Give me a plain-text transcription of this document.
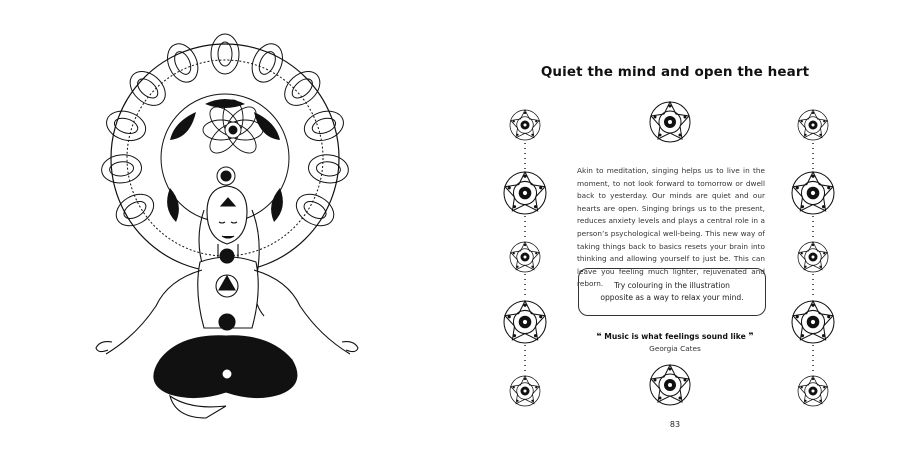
Quiet the mind and open the heart
Akin to meditation, singing helps us to live in the moment, to not look forward to tomorrow or dwell back to yesterday. Our minds are quiet and our hearts are open. Singing brings us to the present, reduces anxiety levels and plays a central role in a person’s psychological well-being. This new way of taking things back to basics resets your brain into thinking and allowing yourself to just be. This can leave you feeling much lighter, rejuvenated and reborn.	Try colouring in the illustration opposite as a way to relax your mind.
❝ Music is what feelings sound like ❞
Georgia Cates
83
